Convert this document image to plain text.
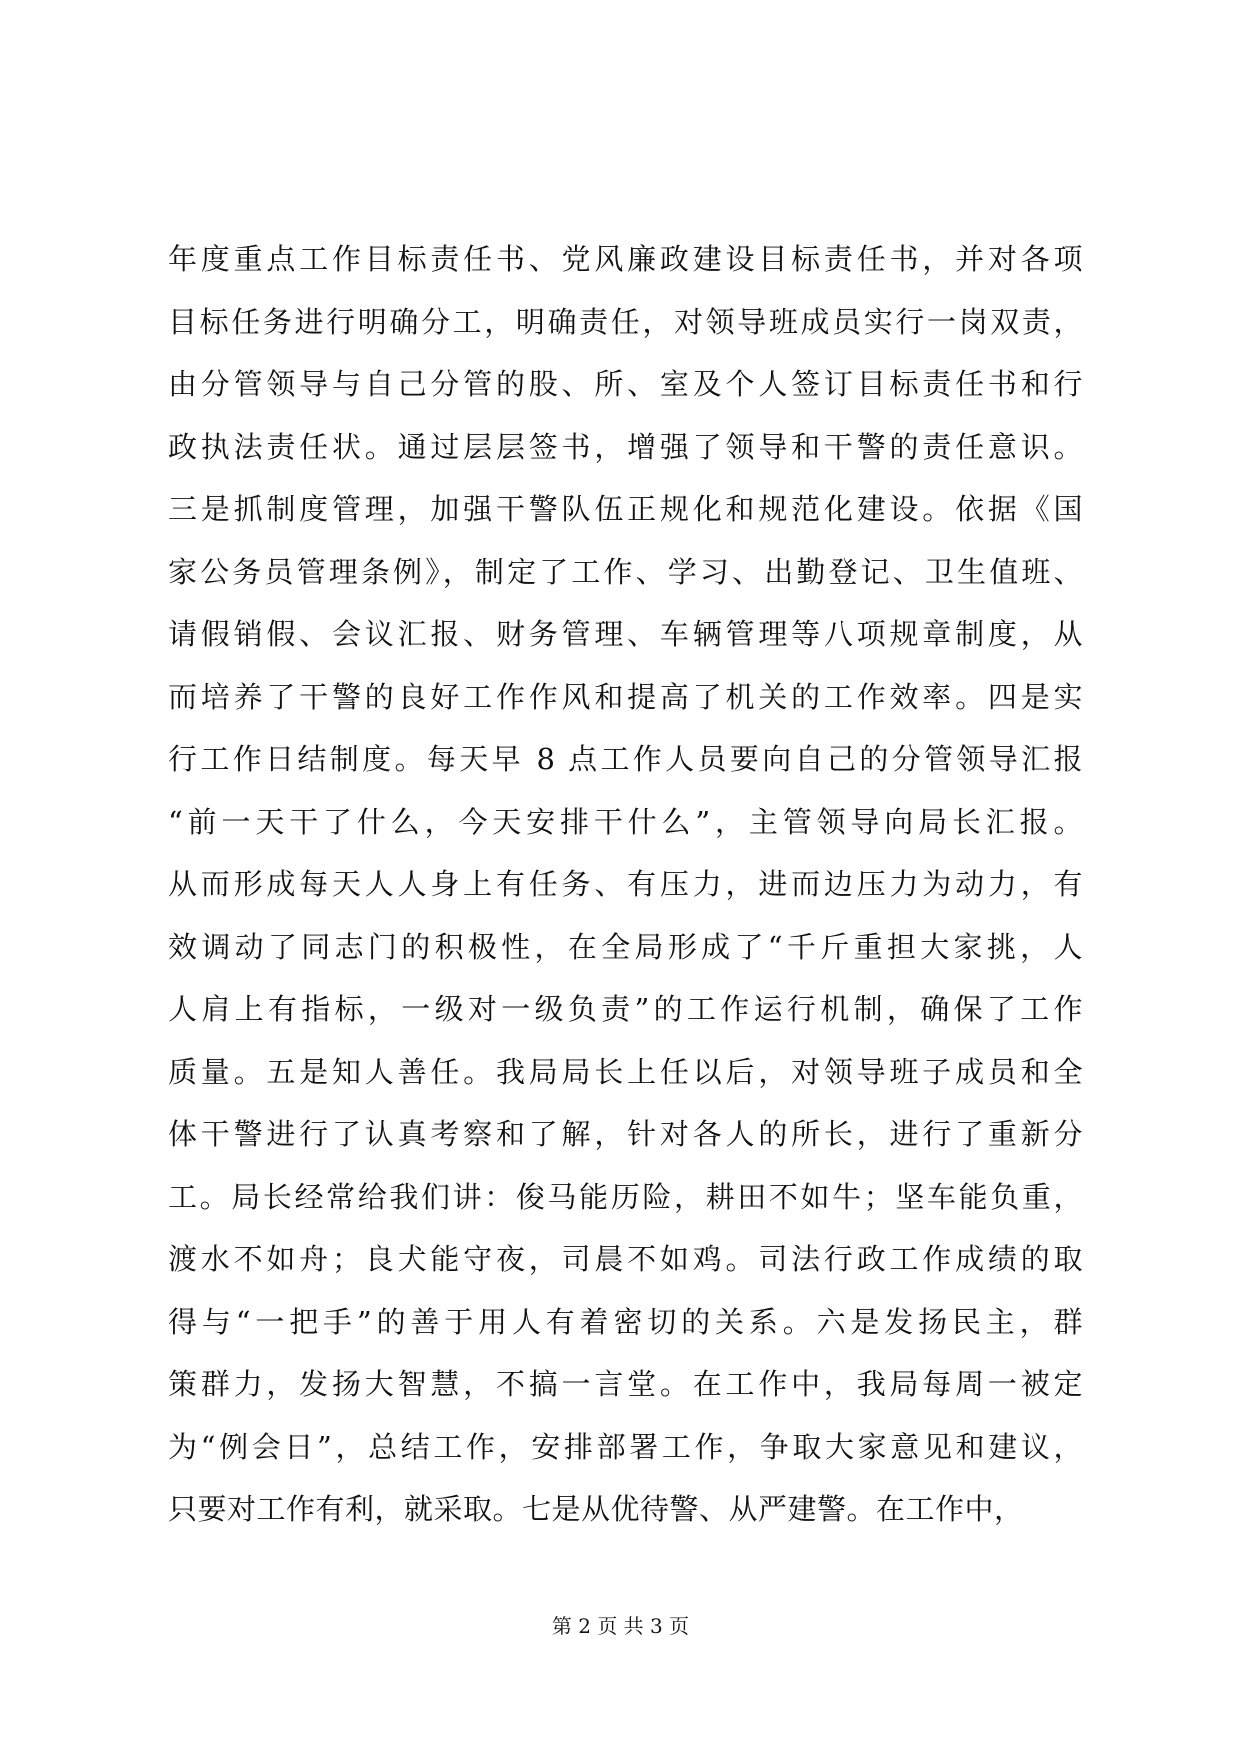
年度重点工作目标责任书、党风廉政建设目标责任书，并对各项
目标任务进行明确分工，明确责任，对领导班成员实行一岗双责，
由分管领导与自己分管的股、所、室及个人签订目标责任书和行
政执法责任状。通过层层签书，增强了领导和干警的责任意识。
三是抓制度管理，加强干警队伍正规化和规范化建设。依据《国
家公务员管理条例》，制定了工作、学习、出勤登记、卫生值班、
请假销假、会议汇报、财务管理、车辆管理等八项规章制度，从
而培养了干警的良好工作作风和提高了机关的工作效率。四是实
行工作日结制度。每天早 8 点工作人员要向自己的分管领导汇报
“前一天干了什么，今天安排干什么”，主管领导向局长汇报。
从而形成每天人人身上有任务、有压力，进而边压力为动力，有
效调动了同志门的积极性，在全局形成了“千斤重担大家挑，人
人肩上有指标，一级对一级负责”的工作运行机制，确保了工作
质量。五是知人善任。我局局长上任以后，对领导班子成员和全
体干警进行了认真考察和了解，针对各人的所长，进行了重新分
工。局长经常给我们讲：俊马能历险，耕田不如牛；坚车能负重，
渡水不如舟；良犬能守夜，司晨不如鸡。司法行政工作成绩的取
得与“一把手”的善于用人有着密切的关系。六是发扬民主，群
策群力，发扬大智慧，不搞一言堂。在工作中，我局每周一被定
为“例会日”，总结工作，安排部署工作，争取大家意见和建议，
只要对工作有利，就采取。七是从优待警、从严建警。在工作中，
第 2 页 共 3 页
